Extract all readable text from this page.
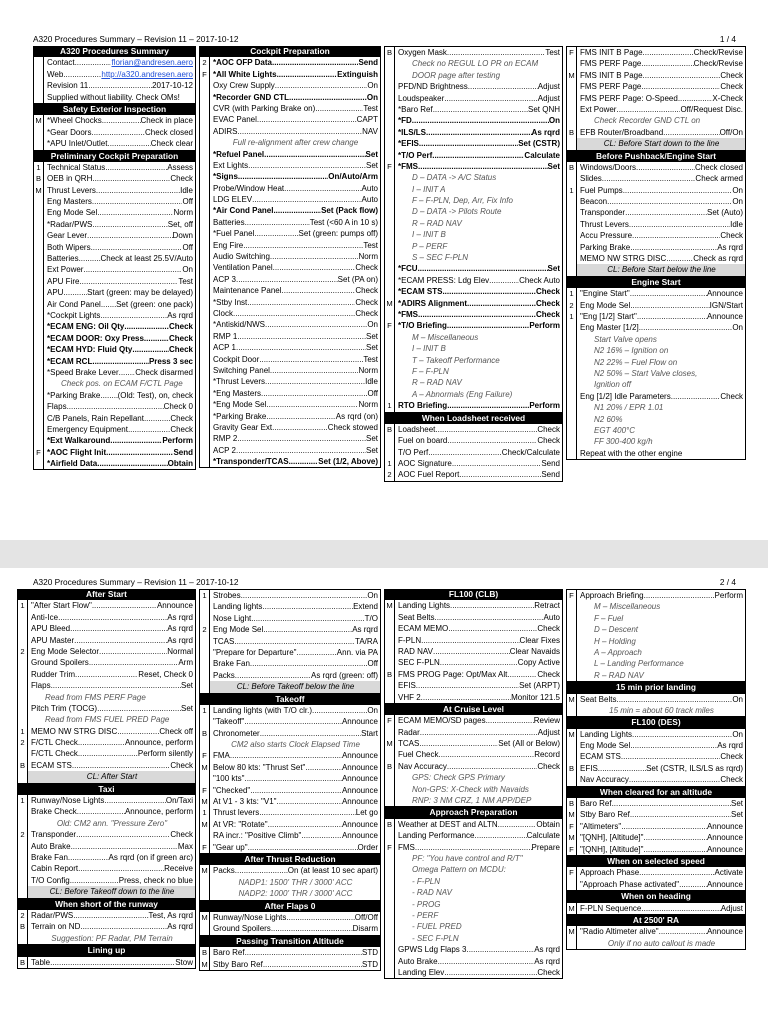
A320 Procedures Summary – Revision 11 – 2017-10-12	1 / 4
A320 Procedures Summary
Contact .....	florian@andresen.aero
Web .....	http://a320.andresen.aero
Revision 11 .....	2017-10-12
Supplied without liability. Check OMs!
Safety Exterior Inspection
M *Wheel Chocks .....	Check in place
*Gear Doors .....	Check closed
*APU Inlet/Outlet .....	Check clear
Preliminary Cockpit Preparation
1 Technical Status .....	Assess
B OEB in QRH .....	Check
M Thrust Levers .....	Idle
Eng Masters .....	Off
Eng Mode Sel .....	Norm
*Radar/PWS .....	Set, off
Gear Lever .....	Down
Both Wipers .....	Off
Batteries .....	Check at least 25.5V/Auto
Ext Power .....	On
APU Fire .....	Test
APU .....	Start (green: may be delayed)
Air Cond Panel ..... Set (green: one pack)
*Cockpit Lights .....	As rqrd
*ECAM ENG: Oil Qty .....	Check
*ECAM DOOR: Oxy Press .....	Check
*ECAM HYD: Fluid Qty .....	Check
*ECAM RCL .....	Press 3 sec
*Speed Brake Lever ..... Check disarmed
Check pos. on ECAM F/CTL Page
*Parking Brake ..... (Old: Test), on, check
Flaps .....	Check 0
C/B Panels, Rain Repellant .....	Check
Emergency Equipment .....	Check
*Ext Walkaround .....	Perform
F *AOC Flight Init .....	Send
*Airfield Data .....	Obtain
Cockpit Preparation
2 *AOC OFP Data .....	Send
F *All White Lights .....	Extinguish
Oxy Crew Supply .....	On
*Recorder GND CTL .....	On
CVR (with Parking Brake on) .....	Test
EVAC Panel .....	CAPT
ADIRS .....	NAV
Full re-alignment after crew change
*Refuel Panel .....	Set
Ext Lights .....	Set
*Signs .....	On/Auto/Arm
Probe/Window Heat .....	Auto
LDG ELEV .....	Auto
*Air Cond Panel .....	Set (Pack flow)
Batteries .....	Test (<60 A in 10 s)
*Fuel Panel .....	Set (green: pumps off)
Eng Fire .....	Test
Audio Switching .....	Norm
Ventilation Panel .....	Check
ACP 3 .....	Set (PA on)
Maintenance Panel .....	Check
*Stby Inst .....	Check
Clock .....	Check
*Antiskid/NWS .....	On
RMP 1 .....	Set
ACP 1 .....	Set
Cockpit Door .....	Test
Switching Panel .....	Norm
*Thrust Levers .....	Idle
*Eng Masters .....	Off
*Eng Mode Sel .....	Norm
*Parking Brake .....	As rqrd (on)
Gravity Gear Ext .....	Check stowed
RMP 2 .....	Set
ACP 2 .....	Set
*Transponder/TCAS .....	Set (1/2, Above)
B Oxygen Mask .....	Test
Check no REGUL LO PR on ECAM
DOOR page after testing
PFD/ND Brightness .....	Adjust
Loudspeaker .....	Adjust
*Baro Ref .....	Set QNH
*FD .....	On
*ILS/LS .....	As rqrd
*EFIS .....	Set (CSTR)
*T/O Perf .....	Calculate
F *FMS .....	Set
D – DATA -> A/C Status
I – INIT A
F – F-PLN, Dep, Arr, Fix Info
D – DATA -> Pilots Route
R – RAD NAV
I – INIT B
P – PERF
S – SEC F-PLN
*FCU .....	Set
*ECAM PRESS: Ldg Elev .....	Check Auto
*ECAM STS .....	Check
M *ADIRS Alignment .....	Check
*FMS .....	Check
F *T/O Briefing .....	Perform
M – Miscellaneous
I – INIT B
T – Takeoff Performance
F – F-PLN
R – RAD NAV
A – Abnormals (Eng Failure)
1 RTO Briefing .....	Perform
When Loadsheet received
B Loadsheet .....	Check
Fuel on board .....	Check
T/O Perf .....	Check/Calculate
1 AOC Signature .....	Send
2 AOC Fuel Report .....	Send
F FMS INIT B Page .....	Check/Revise
FMS PERF Page .....	Check/Revise
M FMS INIT B Page .....	Check
FMS PERF Page .....	Check
FMS PERF Page: O-Speed .....	X-Check
Ext Power .....	Off/Request Disc.
Check Recorder GND CTL on
B EFB Router/Broadband .....	Off/On
CL: Before Start down to the line
Before Pushback/Engine Start
B Windows/Doors .....	Check closed
Slides .....	Check armed
1 Fuel Pumps .....	On
Beacon .....	On
Transponder .....	Set (Auto)
Thrust Levers .....	Idle
Accu Pressure .....	Check
Parking Brake .....	As rqrd
MEMO NW STRG DISC .....	Check as rqrd
CL: Before Start below the line
Engine Start
1 "Engine Start" .....	Announce
2 Eng Mode Sel .....	IGN/Start
1 "Eng [1/2] Start" .....	Announce
Eng Master [1/2] .....	On
Start Valve opens
N2 16% – Ignition on
N2 22% – Fuel Flow on
N2 50% – Start Valve closes,
Ignition off
Eng [1/2] Idle Parameters .....	Check
N1 20% / EPR 1.01
N2 60%
EGT 400°C
FF 300-400 kg/h
Repeat with the other engine
A320 Procedures Summary – Revision 11 – 2017-10-12	2 / 4
After Start
1 "After Start Flow" .....	Announce
Anti-Ice .....	As rqrd
APU Bleed .....	As rqrd
APU Master .....	As rqrd
2 Eng Mode Selector .....	Normal
Ground Spoilers .....	Arm
Rudder Trim .....	Reset, Check 0
Flaps .....	Set
Read from FMS PERF Page
Pitch Trim (TOCG) .....	Set
Read from FMS FUEL PRED Page
1 MEMO NW STRG DISC .....	Check off
2 F/CTL Check .....	Announce, perform
F/CTL Check .....	Perform silently
B ECAM STS .....	Check
CL: After Start
Taxi
1 Runway/Nose Lights .....	On/Taxi
Brake Check .....	Announce, perform
Old: CM2 ann. "Pressure Zero"
2 Transponder .....	Check
Auto Brake .....	Max
Brake Fan .....	As rqrd (on if green arc)
Cabin Report .....	Receive
T/O Config .....	Press, check no blue
CL: Before Takeoff down to the line
When short of the runway
2 Radar/PWS .....	Test, As rqrd
B Terrain on ND .....	As rqrd
Suggestion: PF Radar, PM Terrain
Lining up
B Table .....	Stow
1 Strobes .....	On
Landing lights .....	Extend
Nose Light .....	T/O
2 Eng Mode Sel .....	As rqrd
TCAS .....	TA/RA
"Prepare for Departure" .....	Ann. via PA
Brake Fan .....	Off
Packs .....	As rqrd (green: off)
CL: Before Takeoff below the line
Takeoff
1 Landing lights (with T/O clr.) .....	On
"Takeoff" .....	Announce
B Chronometer .....	Start
CM2 also starts Clock Elapsed Time
F FMA .....	Announce
M Below 80 kts: "Thrust Set" .....	Announce
"100 kts" .....	Announce
F "Checked" .....	Announce
M At V1 - 3 kts: "V1" .....	Announce
1 Thrust levers .....	Let go
M At VR: "Rotate" .....	Announce
RA incr.: "Positive Climb" .....	Announce
F "Gear up" .....	Order
After Thrust Reduction
M Packs .....	On (at least 10 sec apart)
NADP1: 1500' THR / 3000' ACC
NADP2: 1000' THR / 3000' ACC
After Flaps 0
M Runway/Nose Lights .....	Off/Off
Ground Spoilers .....	Disarm
Passing Transition Altitude
B Baro Ref .....	STD
M Stby Baro Ref .....	STD
FL100 (CLB)
M Landing Lights .....	Retract
Seat Belts .....	Auto
ECAM MEMO .....	Check
F-PLN .....	Clear Fixes
RAD NAV .....	Clear Navaids
SEC F-PLN .....	Copy Active
B FMS PROG Page: Opt/Max Alt .....	Check
EFIS .....	Set (ARPT)
VHF 2 .....	Monitor 121.5
At Cruise Level
F ECAM MEMO/SD pages .....	Review
Radar .....	Adjust
M TCAS .....	Set (All or Below)
Fuel Check .....	Record
B Nav Accuracy .....	Check
GPS: Check GPS Primary
Non-GPS: X-Check with Navaids
RNP: 3 NM CRZ, 1 NM APP/DEP
Approach Preparation
B Weather at DEST and ALTN .....	Obtain
Landing Performance .....	Calculate
F FMS .....	Prepare
PF: "You have control and R/T"
Omega Pattern on MCDU:
- F-PLN
- RAD NAV
- PROG
- PERF
- FUEL PRED
- SEC F-PLN
GPWS Ldg Flaps 3 .....	As rqrd
Auto Brake .....	As rqrd
Landing Elev .....	Check
F Approach Briefing .....	Perform
M – Miscellaneous
F – Fuel
D – Descent
H – Holding
A – Approach
L – Landing Performance
R – RAD NAV
15 min prior landing
M Seat Belts .....	On
15 min = about 60 track miles
FL100 (DES)
M Landing Lights .....	On
Eng Mode Sel .....	As rqrd
ECAM STS .....	Check
B EFIS .....	Set (CSTR, ILS/LS as rqrd)
Nav Accuracy .....	Check
When cleared for an altitude
B Baro Ref .....	Set
M Stby Baro Ref .....	Set
F "Altimeters" .....	Announce
M "[QNH], [Altitude]" .....	Announce
F "[QNH], [Altitude]" .....	Announce
When on selected speed
F Approach Phase .....	Activate
"Approach Phase activated" .....	Announce
When on heading
M F-PLN Sequence .....	Adjust
At 2500' RA
M "Radio Altimeter alive" .....	Announce
Only if no auto callout is made
